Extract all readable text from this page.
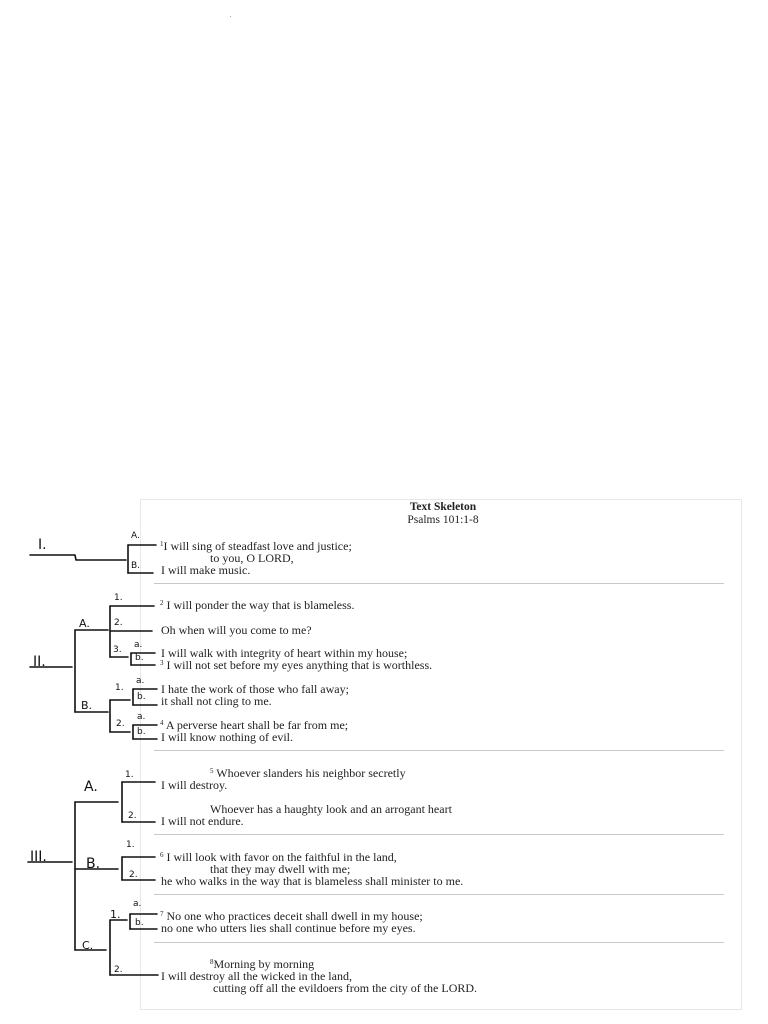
Text Skeleton
Psalms 101:1-8
$^1$I will sing of steadfast love and justice;
to you, O LORD,
I will make music.
$^2$ I will ponder the way that is blameless.
Oh when will you come to me?
I will walk with integrity of heart within my house;
$^3$ I will not set before my eyes anything that is worthless.
I hate the work of those who fall away;
it shall not cling to me.
$^4$ A perverse heart shall be far from me;
I will know nothing of evil.
$^5$ Whoever slanders his neighbor secretly
I will destroy.
Whoever has a haughty look and an arrogant heart
I will not endure.
$^6$ I will look with favor on the faithful in the land,
that they may dwell with me;
he who walks in the way that is blameless shall minister to me.
$^7$ No one who practices deceit shall dwell in my house;
no one who utters lies shall continue before my eyes.
$^8$Morning by morning
I will destroy all the wicked in the land,
cutting off all the evildoers from the city of the LORD.
I.
A.
B.
II.
A.
B.
1.
2.
3. a.
b.
1.
a.
b.
2.
a.
b.
III.
A.
B.
C.
1.
2.
1.
2.
1.
a.
b.
2.
